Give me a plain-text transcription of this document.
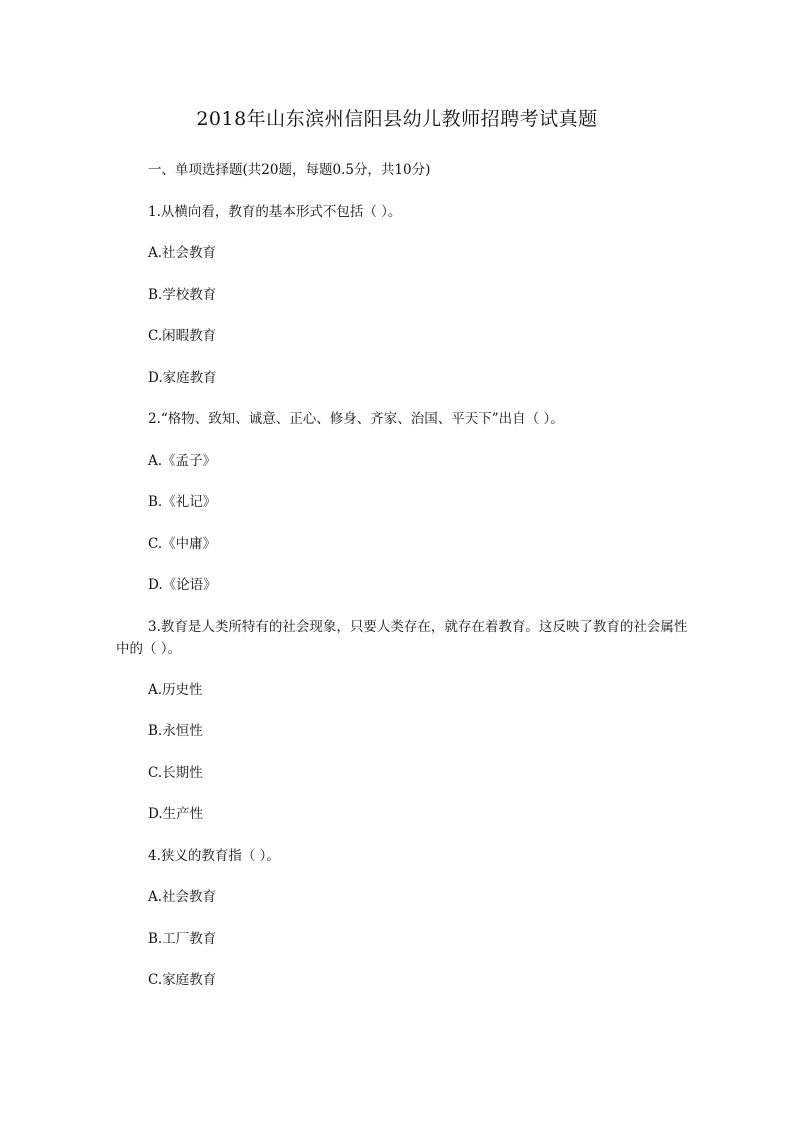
2018年山东滨州信阳县幼儿教师招聘考试真题
一、单项选择题(共20题，每题0.5分，共10分)
1.从横向看，教育的基本形式不包括（ ）。
A.社会教育
B.学校教育
C.闲暇教育
D.家庭教育
2.“格物、致知、诚意、正心、修身、齐家、治国、平天下”出自（ ）。
A.《孟子》
B.《礼记》
C.《中庸》
D.《论语》
3.教育是人类所特有的社会现象，只要人类存在，就存在着教育。这反映了教育的社会属性中的（ ）。
A.历史性
B.永恒性
C.长期性
D.生产性
4.狭义的教育指（ ）。
A.社会教育
B.工厂教育
C.家庭教育
